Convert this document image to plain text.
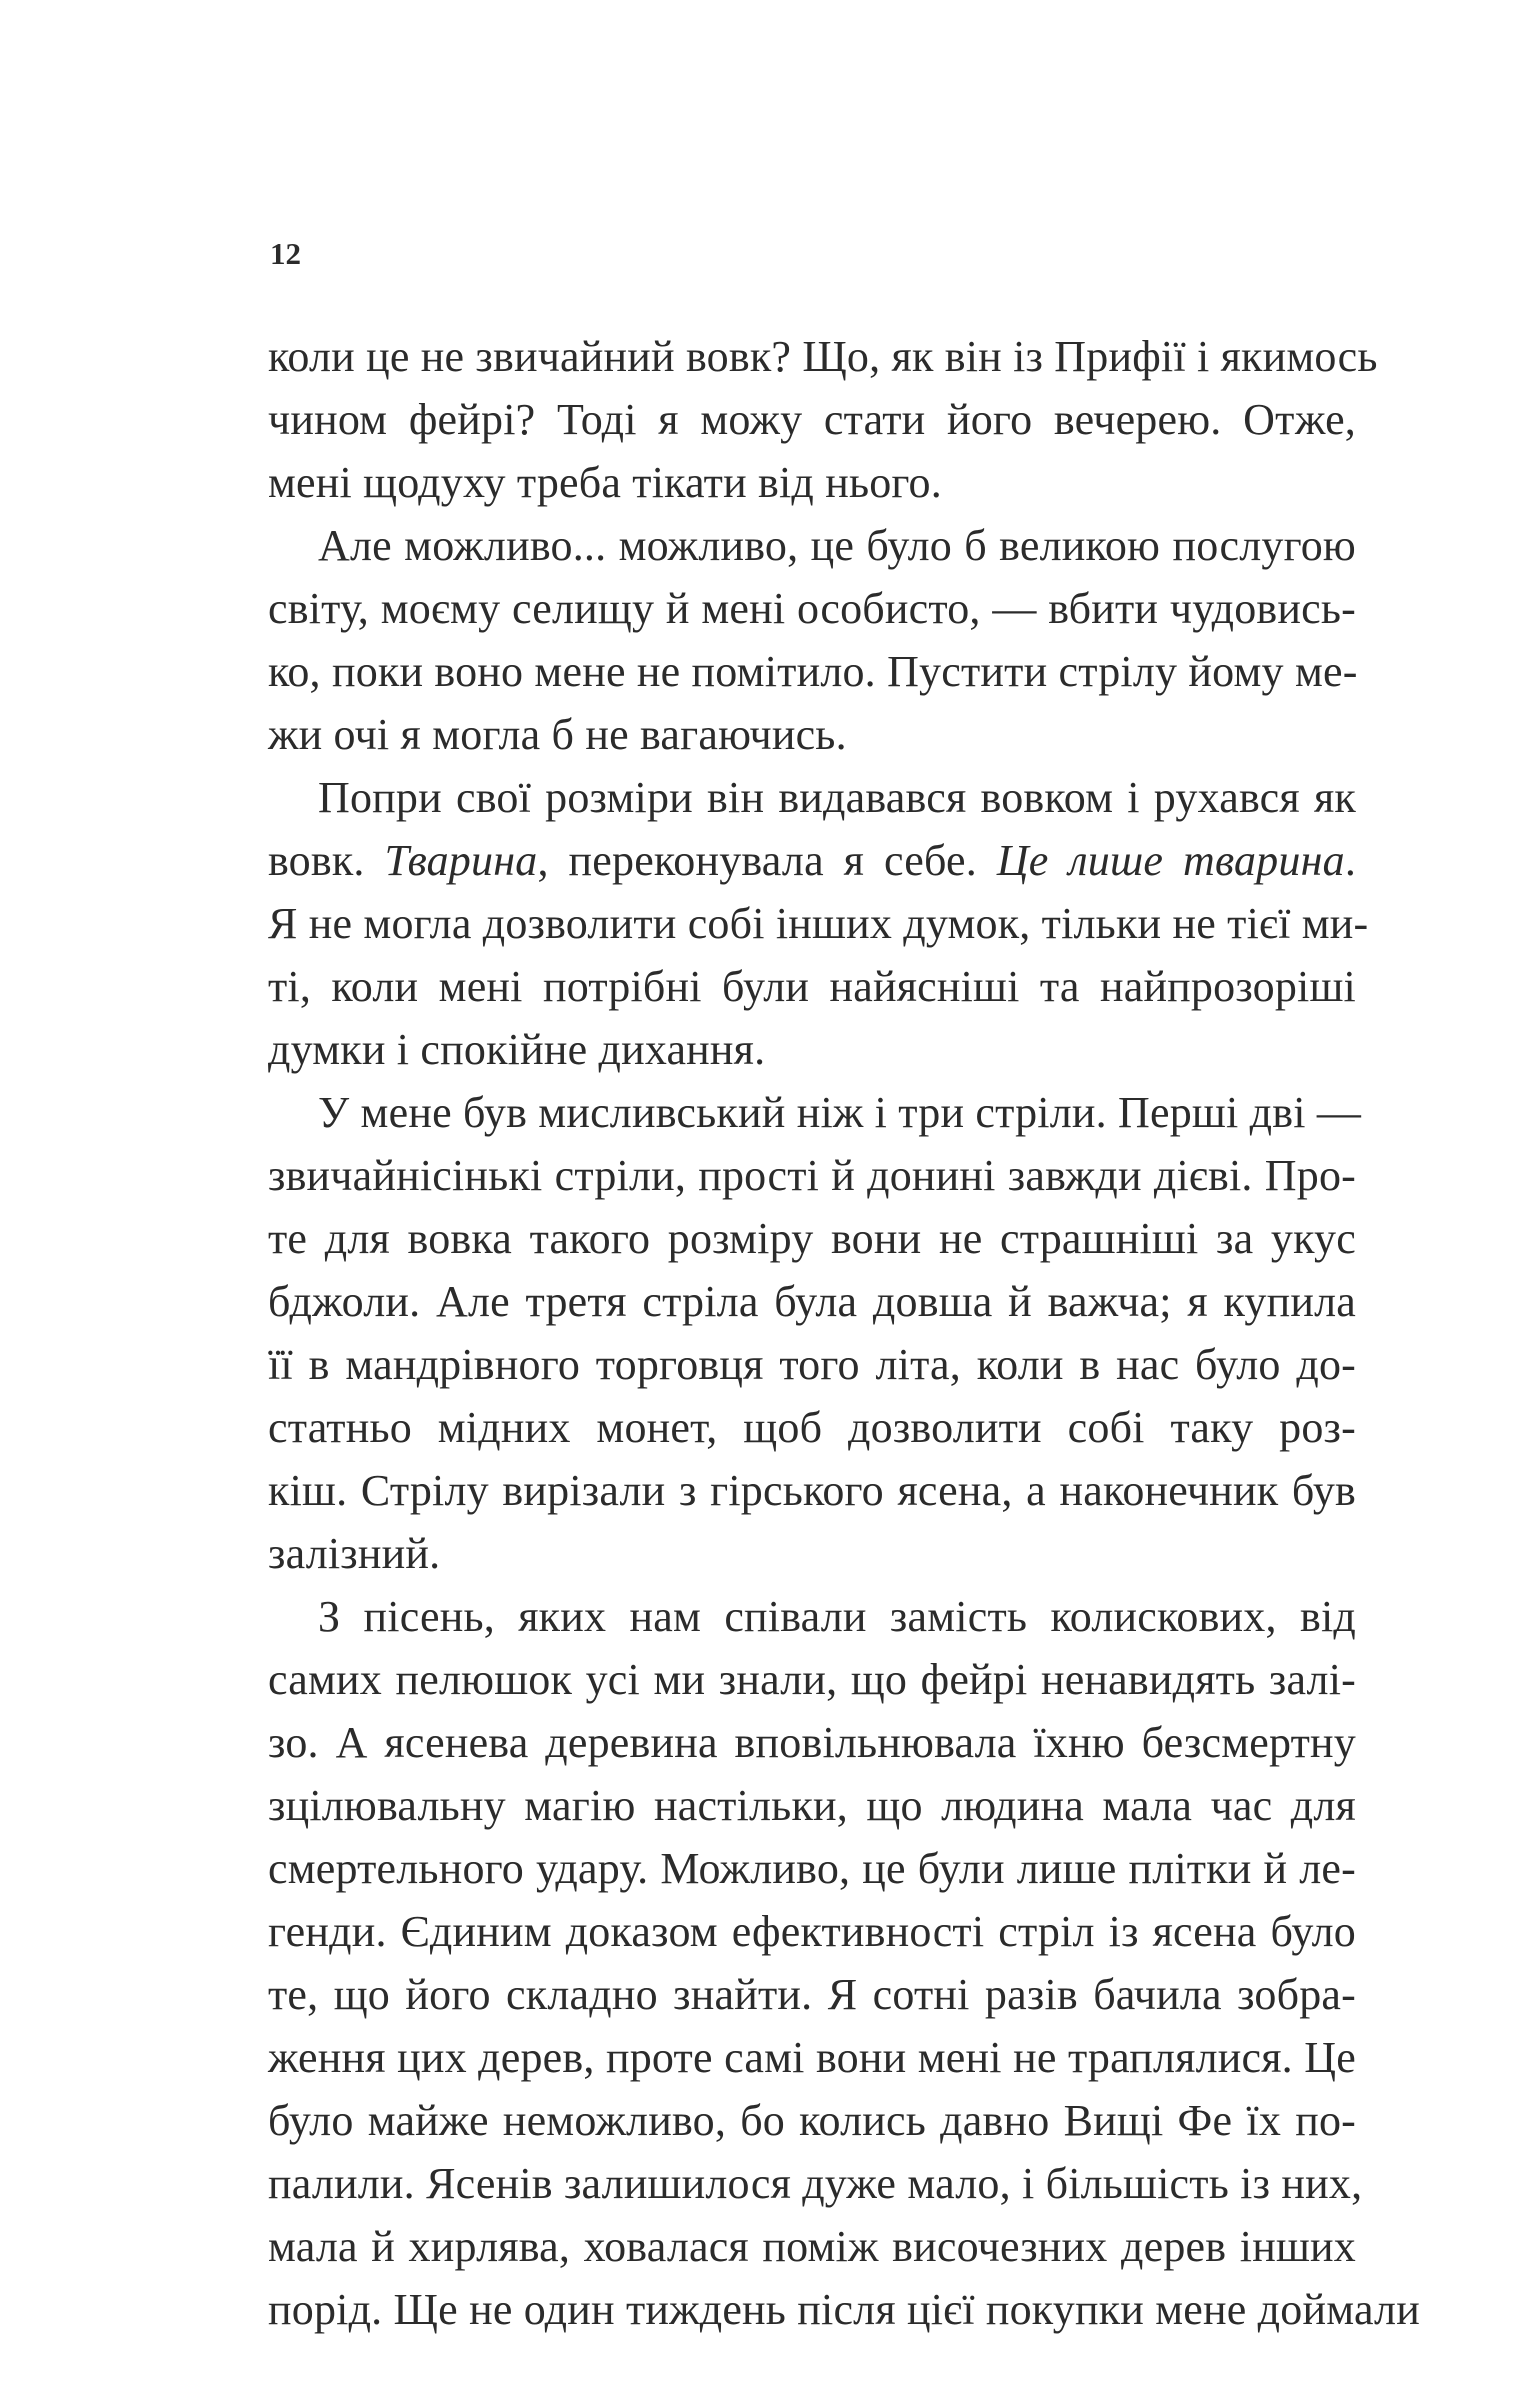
12
коли це не звичайний вовк? Що, як він із Прифії і якимось
чином фейрі? Тоді я можу стати його вечерею. Отже,
мені щодуху треба тікати від нього.
Але можливо... можливо, це було б великою послугою
світу, моєму селищу й мені особисто, — вбити чудовись-
ко, поки воно мене не помітило. Пустити стрілу йому ме-
жи очі я могла б не вагаючись.
Попри свої розміри він видавався вовком і рухався як
вовк. Тварина, переконувала я себе. Це лише тварина.
Я не могла дозволити собі інших думок, тільки не тієї ми-
ті, коли мені потрібні були найясніші та найпрозоріші
думки і спокійне дихання.
У мене був мисливський ніж і три стріли. Перші дві —
звичайнісінькі стріли, прості й донині завжди дієві. Про-
те для вовка такого розміру вони не страшніші за укус
бджоли. Але третя стріла була довша й важча; я купила
її в мандрівного торговця того літа, коли в нас було до-
статньо мідних монет, щоб дозволити собі таку роз-
кіш. Стрілу вирізали з гірського ясена, а наконечник був
залізний.
З пісень, яких нам співали замість колискових, від
самих пелюшок усі ми знали, що фейрі ненавидять залі-
зо. А ясенева деревина вповільнювала їхню безсмертну
зцілювальну магію настільки, що людина мала час для
смертельного удару. Можливо, це були лише плітки й ле-
генди. Єдиним доказом ефективності стріл із ясена було
те, що його складно знайти. Я сотні разів бачила зобра-
ження цих дерев, проте самі вони мені не траплялися. Це
було майже неможливо, бо колись давно Вищі Фе їх по-
палили. Ясенів залишилося дуже мало, і більшість із них,
мала й хирлява, ховалася поміж височезних дерев інших
порід. Ще не один тиждень після цієї покупки мене доймали
